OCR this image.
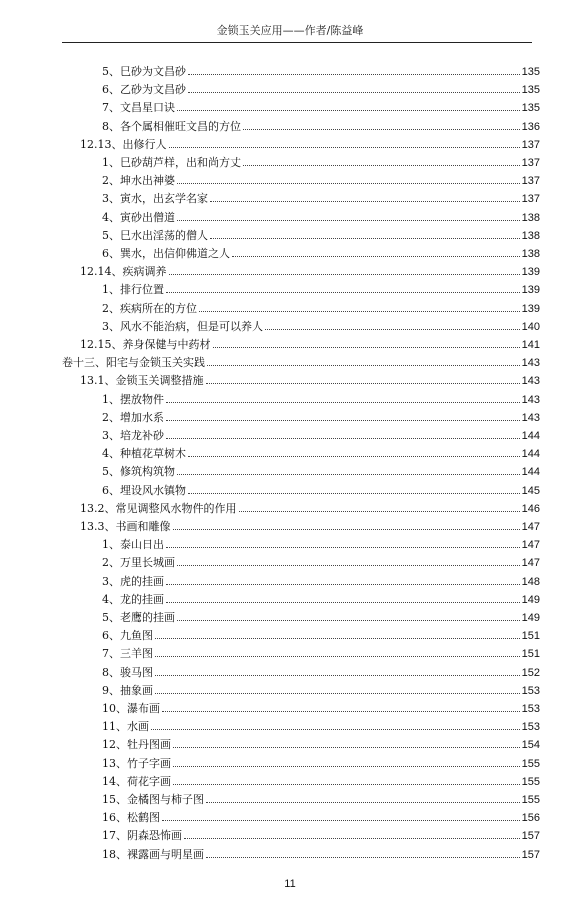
金锁玉关应用——作者/陈益峰
5、巳砂为文昌砂	135
6、乙砂为文昌砂	135
7、文昌星口诀	135
8、各个属相催旺文昌的方位	136
12.13、出修行人	137
1、巳砂葫芦样，出和尚方丈	137
2、坤水出神婆	137
3、寅水，出玄学名家	137
4、寅砂出僧道	138
5、巳水出淫荡的僧人	138
6、巽水，出信仰佛道之人	138
12.14、疾病调养	139
1、排行位置	139
2、疾病所在的方位	139
3、风水不能治病，但是可以养人	140
12.15、养身保健与中药材	141
卷十三、阳宅与金锁玉关实践	143
13.1、金锁玉关调整措施	143
1、摆放物件	143
2、增加水系	143
3、培龙补砂	144
4、种植花草树木	144
5、修筑构筑物	144
6、埋设风水镇物	145
13.2、常见调整风水物件的作用	146
13.3、书画和雕像	147
1、泰山日出	147
2、万里长城画	147
3、虎的挂画	148
4、龙的挂画	149
5、老鹰的挂画	149
6、九鱼图	151
7、三羊图	151
8、骏马图	152
9、抽象画	153
10、瀑布画	153
11、水画	153
12、牡丹图画	154
13、竹子字画	155
14、荷花字画	155
15、金橘图与柿子图	155
16、松鹤图	156
17、阴森恐怖画	157
18、裸露画与明星画	157
11
